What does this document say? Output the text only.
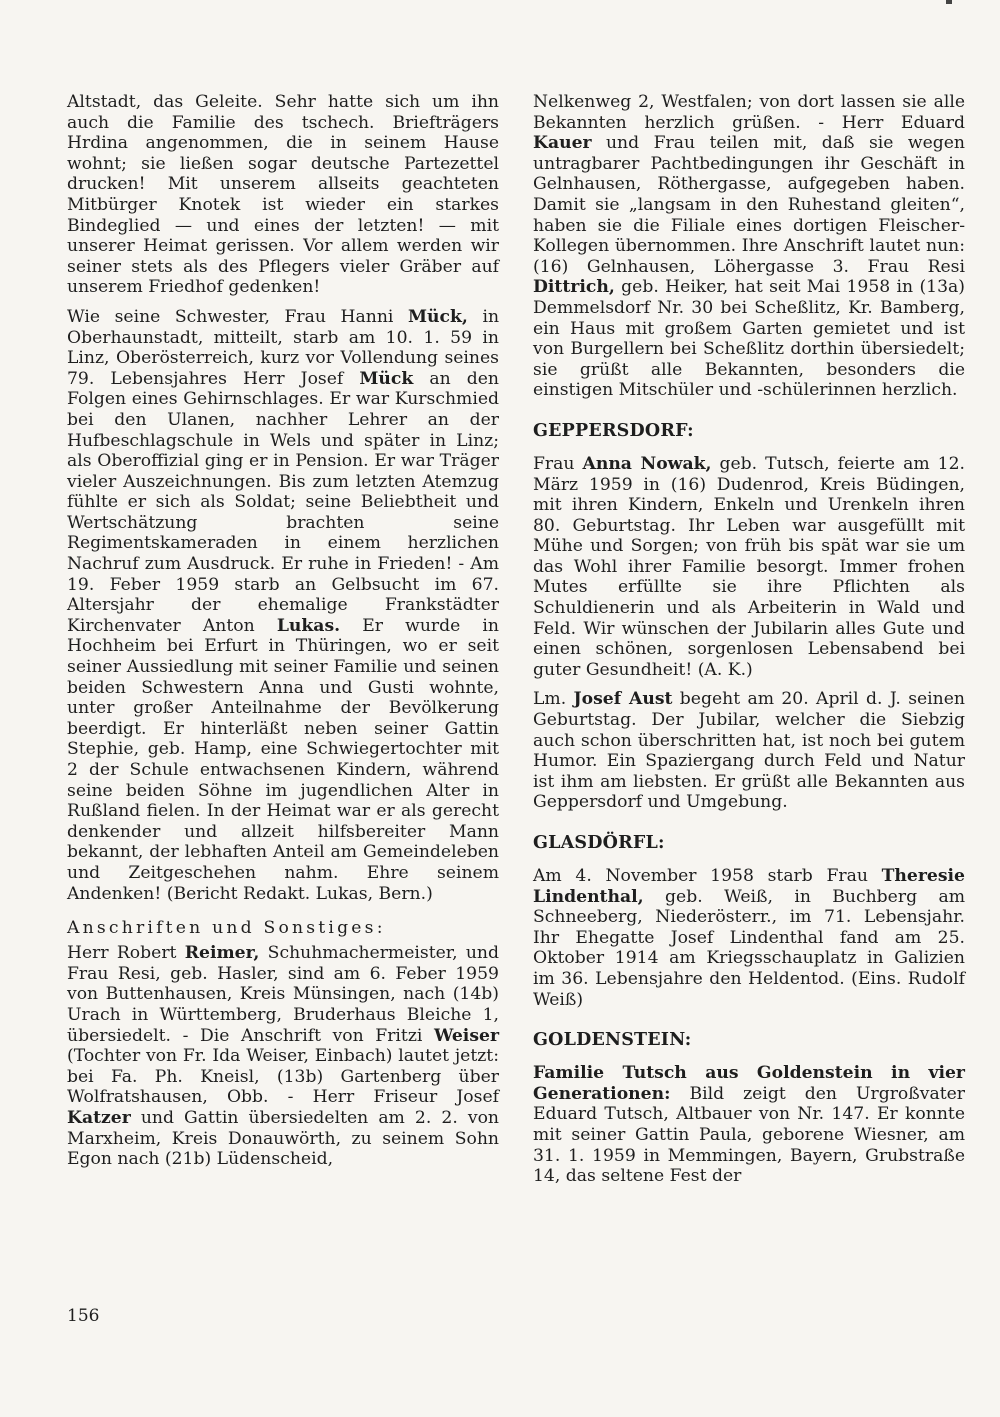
Altstadt, das Geleite. Sehr hatte sich um ihn auch die Familie des tschech. Briefträgers Hrdina angenommen, die in seinem Hause wohnt; sie ließen sogar deutsche Partezettel drucken! Mit unserem allseits geachteten Mitbürger Knotek ist wieder ein starkes Bindeglied — und eines der letzten! — mit unserer Heimat gerissen. Vor allem werden wir seiner stets als des Pflegers vieler Gräber auf unserem Friedhof gedenken!

Wie seine Schwester, Frau Hanni Mück, in Oberhaunstadt, mitteilt, starb am 10. 1. 59 in Linz, Oberösterreich, kurz vor Vollendung seines 79. Lebensjahres Herr Josef Mück an den Folgen eines Gehirnschlages. Er war Kurschmied bei den Ulanen, nachher Lehrer an der Hufbeschlagschule in Wels und später in Linz; als Oberoffizial ging er in Pension. Er war Träger vieler Auszeichnungen. Bis zum letzten Atemzug fühlte er sich als Soldat; seine Beliebtheit und Wertschätzung brachten seine Regimentskameraden in einem herzlichen Nachruf zum Ausdruck. Er ruhe in Frieden! - Am 19. Feber 1959 starb an Gelbsucht im 67. Altersjahr der ehemalige Frankstädter Kirchenvater Anton Lukas. Er wurde in Hochheim bei Erfurt in Thüringen, wo er seit seiner Aussiedlung mit seiner Familie und seinen beiden Schwestern Anna und Gusti wohnte, unter großer Anteilnahme der Bevölkerung beerdigt. Er hinterläßt neben seiner Gattin Stephie, geb. Hamp, eine Schwiegertochter mit 2 der Schule entwachsenen Kindern, während seine beiden Söhne im jugendlichen Alter in Rußland fielen. In der Heimat war er als gerecht denkender und allzeit hilfsbereiter Mann bekannt, der lebhaften Anteil am Gemeindeleben und Zeitgeschehen nahm. Ehre seinem Andenken! (Bericht Redakt. Lukas, Bern.)

Anschriften und Sonstiges:

Herr Robert Reimer, Schuhmachermeister, und Frau Resi, geb. Hasler, sind am 6. Feber 1959 von Buttenhausen, Kreis Münsingen, nach (14b) Urach in Württemberg, Bruderhaus Bleiche 1, übersiedelt. - Die Anschrift von Fritzi Weiser (Tochter von Fr. Ida Weiser, Einbach) lautet jetzt: bei Fa. Ph. Kneisl, (13b) Gartenberg über Wolfratshausen, Obb. - Herr Friseur Josef Katzer und Gattin übersiedelten am 2. 2. von Marxheim, Kreis Donauwörth, zu seinem Sohn Egon nach (21b) Lüdenscheid,

Nelkenweg 2, Westfalen; von dort lassen sie alle Bekannten herzlich grüßen. - Herr Eduard Kauer und Frau teilen mit, daß sie wegen untragbarer Pachtbedingungen ihr Geschäft in Gelnhausen, Röthergasse, aufgegeben haben. Damit sie „langsam in den Ruhestand gleiten“, haben sie die Filiale eines dortigen Fleischer-Kollegen übernommen. Ihre Anschrift lautet nun: (16) Gelnhausen, Löhergasse 3. Frau Resi Dittrich, geb. Heiker, hat seit Mai 1958 in (13a) Demmelsdorf Nr. 30 bei Scheßlitz, Kr. Bamberg, ein Haus mit großem Garten gemietet und ist von Burgellern bei Scheßlitz dorthin übersiedelt; sie grüßt alle Bekannten, besonders die einstigen Mitschüler und -schülerinnen herzlich.

GEPPERSDORF:

Frau Anna Nowak, geb. Tutsch, feierte am 12. März 1959 in (16) Dudenrod, Kreis Büdingen, mit ihren Kindern, Enkeln und Urenkeln ihren 80. Geburtstag. Ihr Leben war ausgefüllt mit Mühe und Sorgen; von früh bis spät war sie um das Wohl ihrer Familie besorgt. Immer frohen Mutes erfüllte sie ihre Pflichten als Schuldienerin und als Arbeiterin in Wald und Feld. Wir wünschen der Jubilarin alles Gute und einen schönen, sorgenlosen Lebensabend bei guter Gesundheit! (A. K.)

Lm. Josef Aust begeht am 20. April d. J. seinen Geburtstag. Der Jubilar, welcher die Siebzig auch schon überschritten hat, ist noch bei gutem Humor. Ein Spaziergang durch Feld und Natur ist ihm am liebsten. Er grüßt alle Bekannten aus Geppersdorf und Umgebung.

GLASDÖRFL:

Am 4. November 1958 starb Frau Theresie Lindenthal, geb. Weiß, in Buchberg am Schneeberg, Niederösterr., im 71. Lebensjahr. Ihr Ehegatte Josef Lindenthal fand am 25. Oktober 1914 am Kriegsschauplatz in Galizien im 36. Lebensjahre den Heldentod. (Eins. Rudolf Weiß)

GOLDENSTEIN:

Familie Tutsch aus Goldenstein in vier Generationen: Bild zeigt den Urgroßvater Eduard Tutsch, Altbauer von Nr. 147. Er konnte mit seiner Gattin Paula, geborene Wiesner, am 31. 1. 1959 in Memmingen, Bayern, Grubstraße 14, das seltene Fest der

156
